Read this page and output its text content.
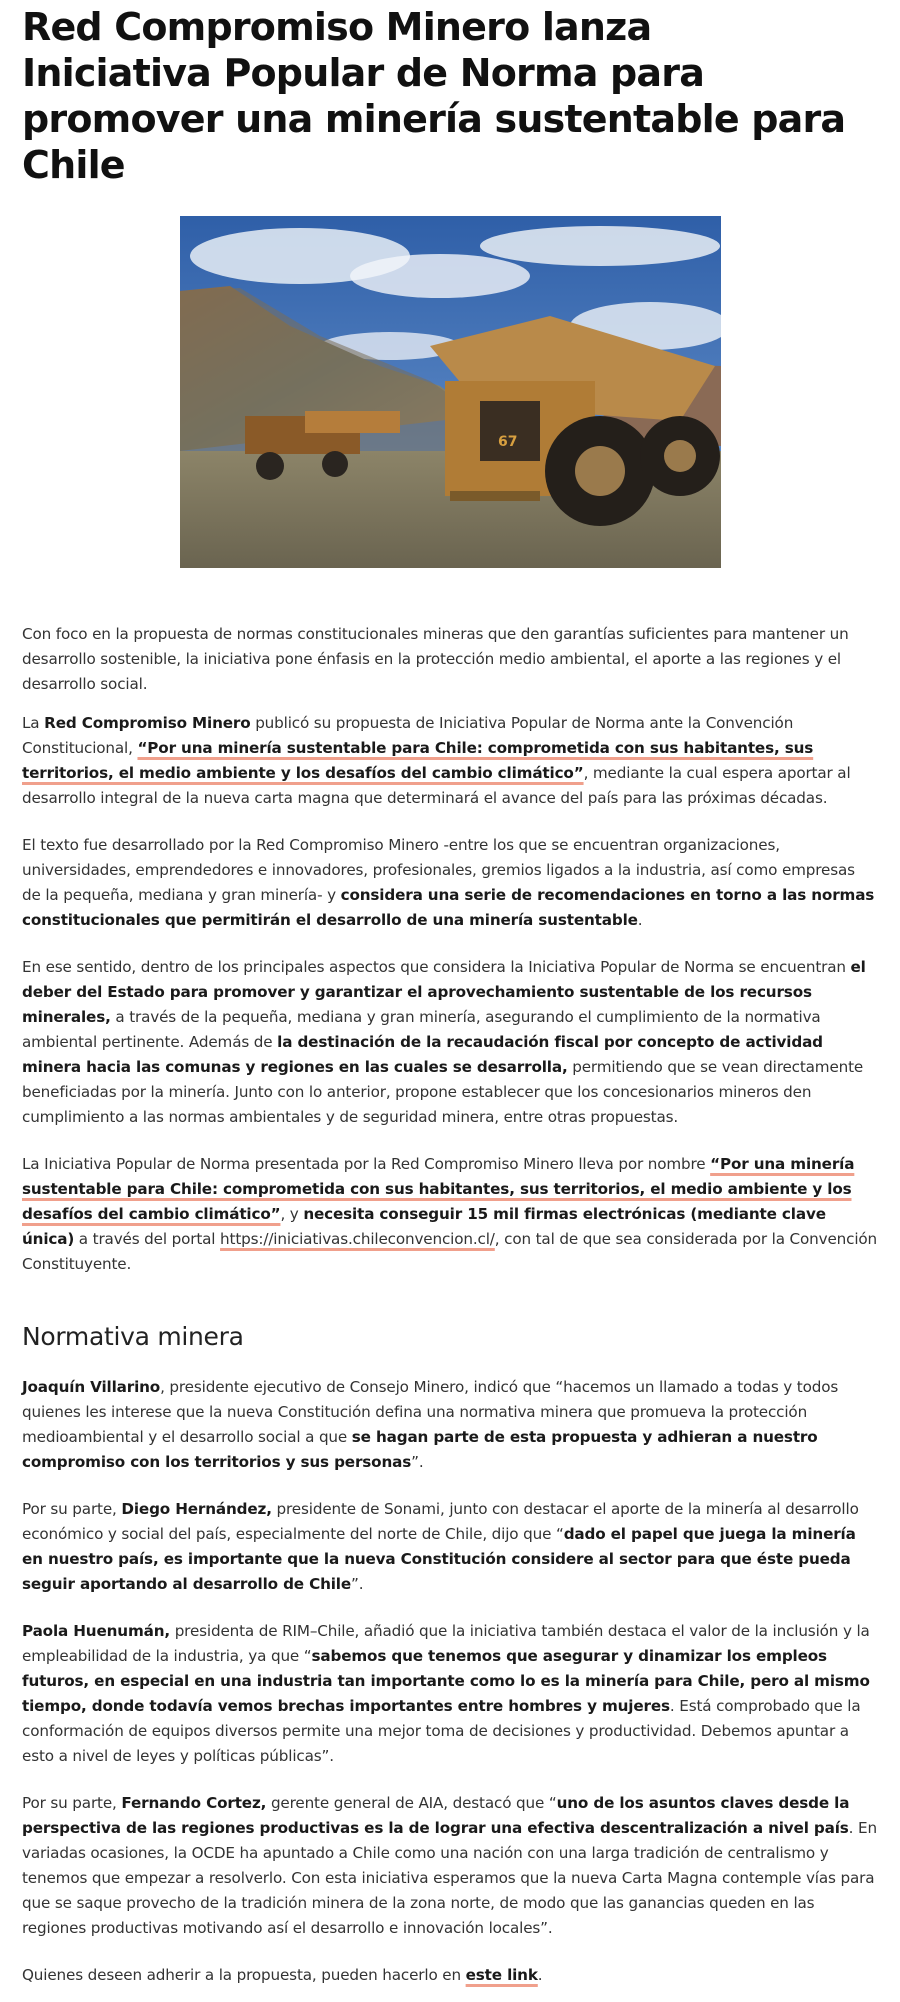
Red Compromiso Minero lanza Iniciativa Popular de Norma para promover una minería sustentable para Chile
67

Con foco en la propuesta de normas constitucionales mineras que den garantías suficientes para mantener un desarrollo sostenible, la iniciativa pone énfasis en la protección medio ambiental, el aporte a las regiones y el desarrollo social.

La Red Compromiso Minero publicó su propuesta de Iniciativa Popular de Norma ante la Convención Constitucional, “Por una minería sustentable para Chile: comprometida con sus habitantes, sus territorios, el medio ambiente y los desafíos del cambio climático”, mediante la cual espera aportar al desarrollo integral de la nueva carta magna que determinará el avance del país para las próximas décadas.

El texto fue desarrollado por la Red Compromiso Minero -entre los que se encuentran organizaciones, universidades, emprendedores e innovadores, profesionales, gremios ligados a la industria, así como empresas de la pequeña, mediana y gran minería- y considera una serie de recomendaciones en torno a las normas constitucionales que permitirán el desarrollo de una minería sustentable.

En ese sentido, dentro de los principales aspectos que considera la Iniciativa Popular de Norma se encuentran el deber del Estado para promover y garantizar el aprovechamiento sustentable de los recursos minerales, a través de la pequeña, mediana y gran minería, asegurando el cumplimiento de la normativa ambiental pertinente. Además de la destinación de la recaudación fiscal por concepto de actividad minera hacia las comunas y regiones en las cuales se desarrolla, permitiendo que se vean directamente beneficiadas por la minería. Junto con lo anterior, propone establecer que los concesionarios mineros den cumplimiento a las normas ambientales y de seguridad minera, entre otras propuestas.

La Iniciativa Popular de Norma presentada por la Red Compromiso Minero lleva por nombre “Por una minería sustentable para Chile: comprometida con sus habitantes, sus territorios, el medio ambiente y los desafíos del cambio climático”, y necesita conseguir 15 mil firmas electrónicas (mediante clave única) a través del portal https://iniciativas.chileconvencion.cl/, con tal de que sea considerada por la Convención Constituyente.

Normativa minera

Joaquín Villarino, presidente ejecutivo de Consejo Minero, indicó que “hacemos un llamado a todas y todos quienes les interese que la nueva Constitución defina una normativa minera que promueva la protección medioambiental y el desarrollo social a que se hagan parte de esta propuesta y adhieran a nuestro compromiso con los territorios y sus personas”.

Por su parte, Diego Hernández, presidente de Sonami, junto con destacar el aporte de la minería al desarrollo económico y social del país, especialmente del norte de Chile, dijo que “dado el papel que juega la minería en nuestro país, es importante que la nueva Constitución considere al sector para que éste pueda seguir aportando al desarrollo de Chile”.

Paola Huenumán, presidenta de RIM–Chile, añadió que la iniciativa también destaca el valor de la inclusión y la empleabilidad de la industria, ya que “sabemos que tenemos que asegurar y dinamizar los empleos futuros, en especial en una industria tan importante como lo es la minería para Chile, pero al mismo tiempo, donde todavía vemos brechas importantes entre hombres y mujeres. Está comprobado que la conformación de equipos diversos permite una mejor toma de decisiones y productividad. Debemos apuntar a esto a nivel de leyes y políticas públicas”.

Por su parte, Fernando Cortez, gerente general de AIA, destacó que “uno de los asuntos claves desde la perspectiva de las regiones productivas es la de lograr una efectiva descentralización a nivel país. En variadas ocasiones, la OCDE ha apuntado a Chile como una nación con una larga tradición de centralismo y tenemos que empezar a resolverlo. Con esta iniciativa esperamos que la nueva Carta Magna contemple vías para que se saque provecho de la tradición minera de la zona norte, de modo que las ganancias queden en las regiones productivas motivando así el desarrollo e innovación locales”.

Quienes deseen adherir a la propuesta, pueden hacerlo en este link.
